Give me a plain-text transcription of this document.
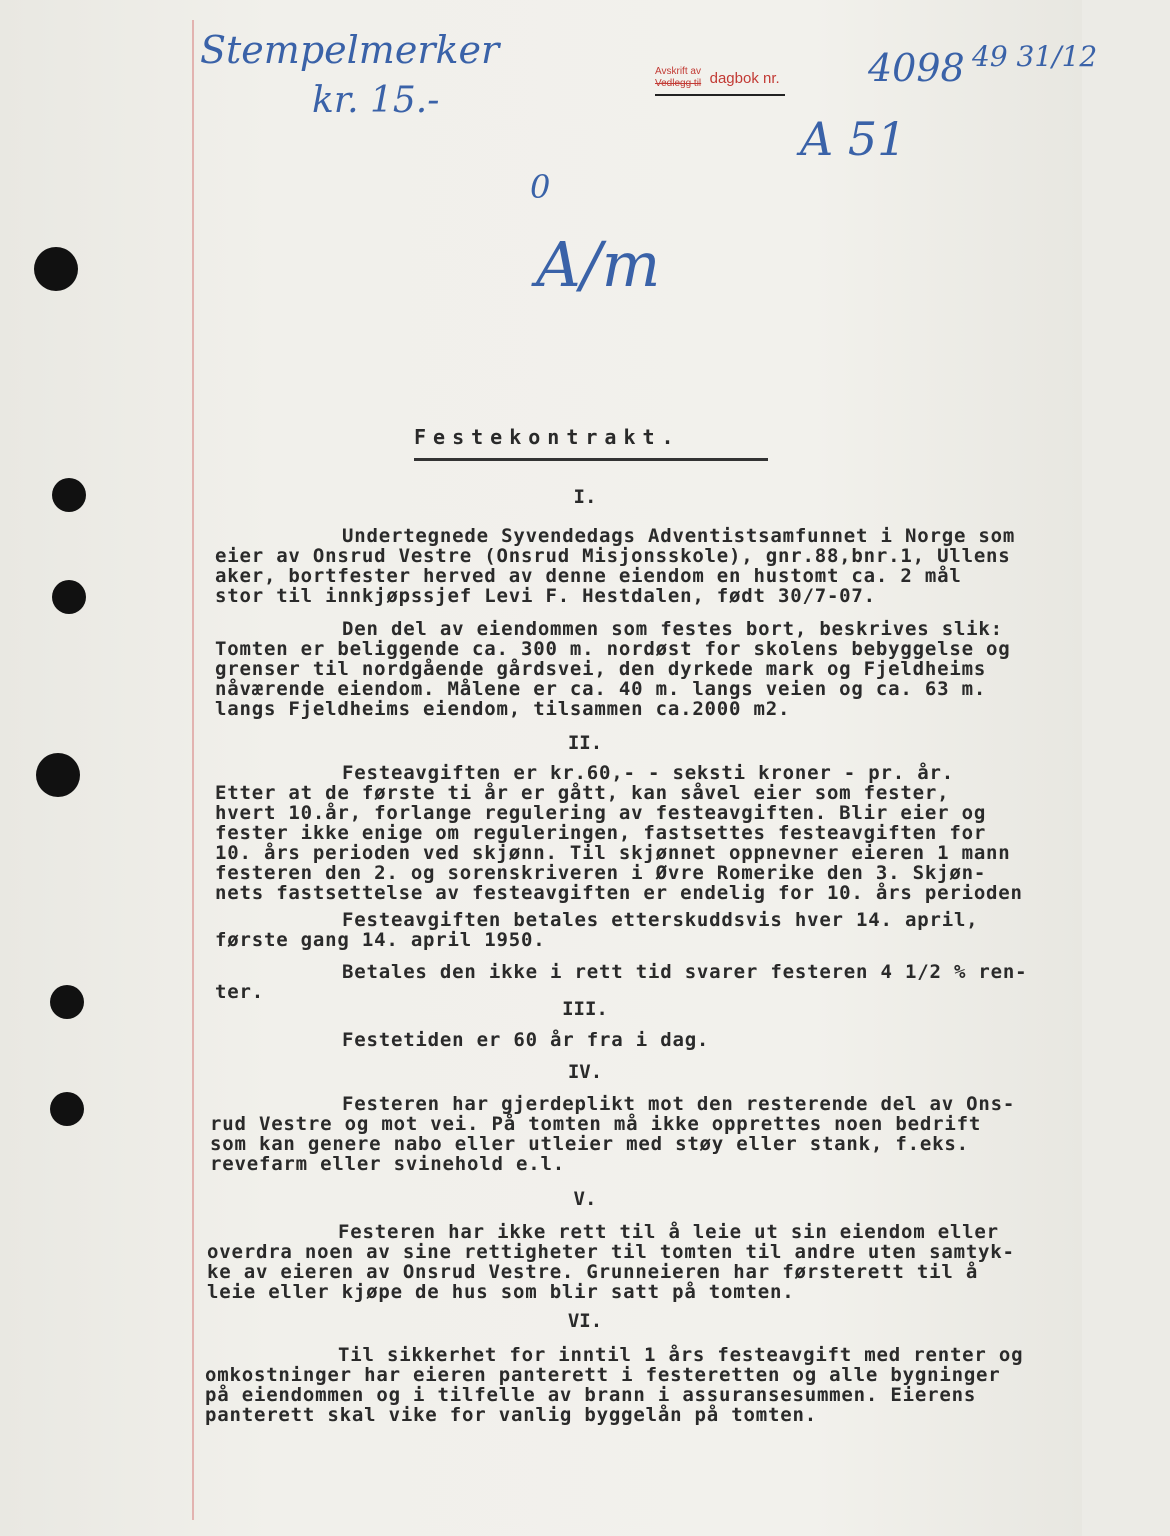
Stempelmerker
kr. 15.-
4098 49 31/12
A 51
0
A/m
Avskrift av
Vedlegg til dagbok nr.
Festekontrakt.
I.
Undertegnede Syvendedags Adventistsamfunnet i Norge som
eier av Onsrud Vestre (Onsrud Misjonsskole), gnr.88,bnr.1, Ullens
aker, bortfester herved av denne eiendom en hustomt ca. 2 mål
stor til innkjøpssjef Levi F. Hestdalen, født 30/7-07.
Den del av eiendommen som festes bort, beskrives slik:
Tomten er beliggende ca. 300 m. nordøst for skolens bebyggelse og
grenser til nordgående gårdsvei, den dyrkede mark og Fjeldheims
nåværende eiendom. Målene er ca. 40 m. langs veien og ca. 63 m.
langs Fjeldheims eiendom, tilsammen ca.2000 m2.
II.
Festeavgiften er kr.60,- - seksti kroner - pr. år.
Etter at de første ti år er gått, kan såvel eier som fester,
hvert 10.år, forlange regulering av festeavgiften. Blir eier og
fester ikke enige om reguleringen, fastsettes festeavgiften for
10. års perioden ved skjønn. Til skjønnet oppnevner eieren 1 mann
festeren den 2. og sorenskriveren i Øvre Romerike den 3. Skjøn-
nets fastsettelse av festeavgiften er endelig for 10. års perioden
Festeavgiften betales etterskuddsvis hver 14. april,
første gang 14. april 1950.
Betales den ikke i rett tid svarer festeren 4 1/2 % ren-
ter.
III.
Festetiden er 60 år fra i dag.
IV.
Festeren har gjerdeplikt mot den resterende del av Ons-
rud Vestre og mot vei. På tomten må ikke opprettes noen bedrift
som kan genere nabo eller utleier med støy eller stank, f.eks.
revefarm eller svinehold e.l.
V.
Festeren har ikke rett til å leie ut sin eiendom eller
overdra noen av sine rettigheter til tomten til andre uten samtyk-
ke av eieren av Onsrud Vestre. Grunneieren har førsterett til å
leie eller kjøpe de hus som blir satt på tomten.
VI.
Til sikkerhet for inntil 1 års festeavgift med renter og
omkostninger har eieren panterett i festeretten og alle bygninger
på eiendommen og i tilfelle av brann i assuransesummen. Eierens
panterett skal vike for vanlig byggelån på tomten.
